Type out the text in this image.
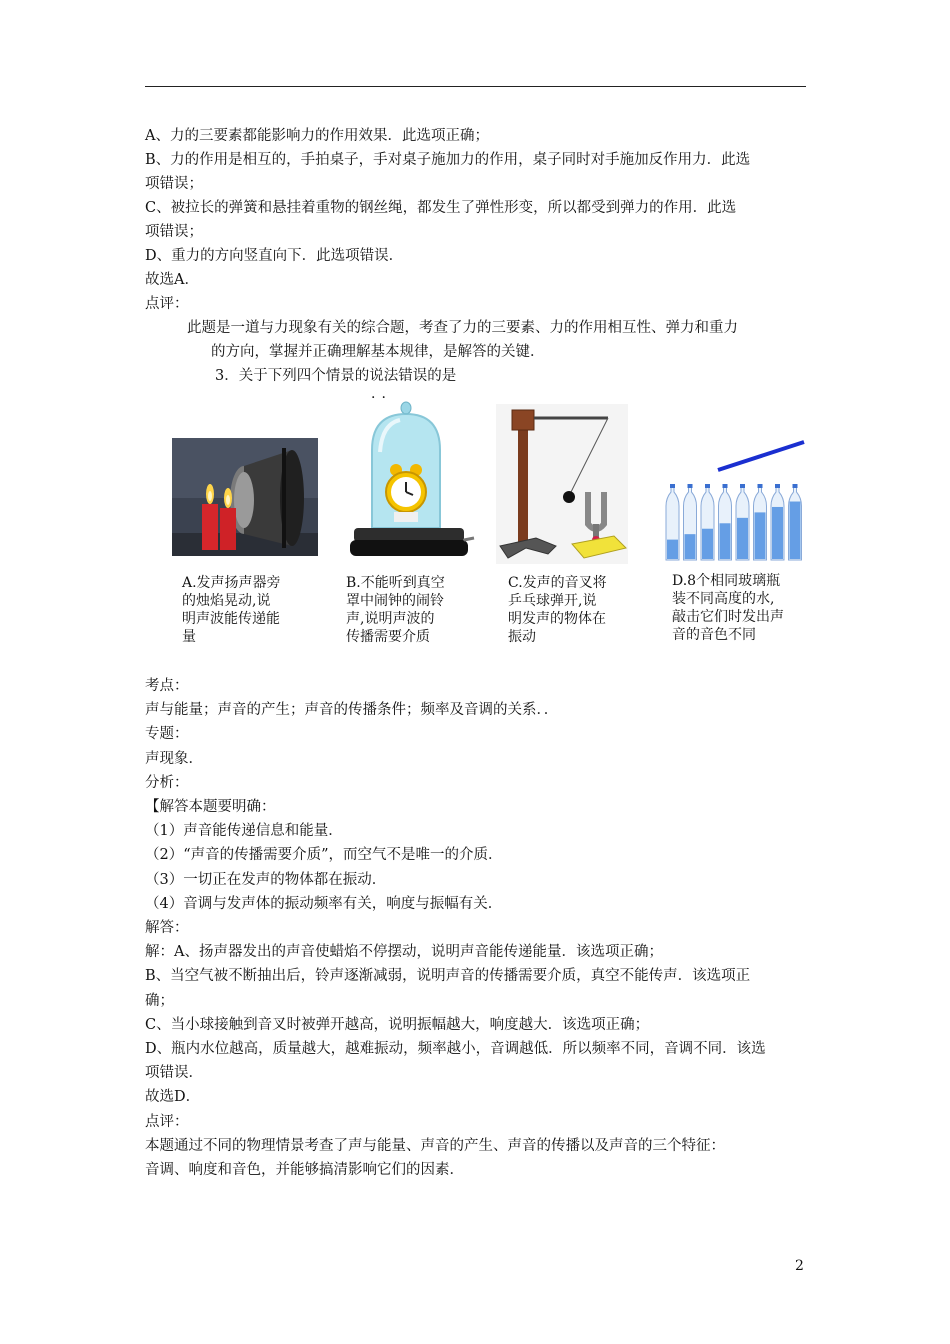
A、力的三要素都能影响力的作用效果．此选项正确；
B、力的作用是相互的，手拍桌子，手对桌子施加力的作用，桌子同时对手施加反作用力．此选
项错误；
C、被拉长的弹簧和悬挂着重物的钢丝绳，都发生了弹性形变，所以都受到弹力的作用．此选
项错误；
D、重力的方向竖直向下．此选项错误．
故选A．
点评：
此题是一道与力现象有关的综合题，考查了力的三要素、力的作用相互性、弹力和重力
的方向，掌握并正确理解基本规律，是解答的关键．
3．关于下列四个情景的说法错误的是
··
A.发声扬声器旁
的烛焰晃动,说
明声波能传递能
量
B.不能听到真空
罩中闹钟的闹铃
声,说明声波的
传播需要介质
C.发声的音叉将
乒乓球弹开,说
明发声的物体在
振动
D.8个相同玻璃瓶
装不同高度的水,
敲击它们时发出声
音的音色不同
考点：
声与能量；声音的产生；声音的传播条件；频率及音调的关系．．
专题：
声现象．
分析：
【解答本题要明确：
（1）声音能传递信息和能量．
（2）“声音的传播需要介质”，而空气不是唯一的介质．
（3）一切正在发声的物体都在振动．
（4）音调与发声体的振动频率有关，响度与振幅有关．
解答：
解：A、扬声器发出的声音使蜡焰不停摆动，说明声音能传递能量．该选项正确；
B、当空气被不断抽出后，铃声逐渐减弱，说明声音的传播需要介质，真空不能传声．该选项正
确；
C、当小球接触到音叉时被弹开越高，说明振幅越大，响度越大．该选项正确；
D、瓶内水位越高，质量越大，越难振动，频率越小，音调越低．所以频率不同，音调不同．该选
项错误．
故选D．
点评：
本题通过不同的物理情景考查了声与能量、声音的产生、声音的传播以及声音的三个特征：
音调、响度和音色，并能够搞清影响它们的因素．
2
